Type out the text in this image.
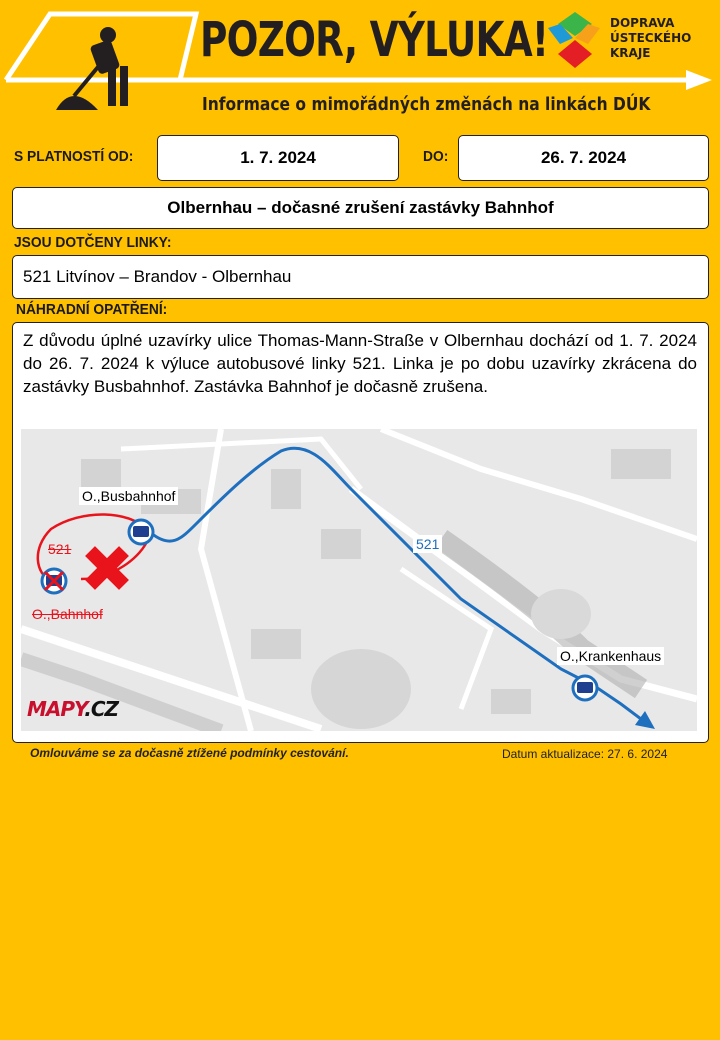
POZOR, VÝLUKA!
Informace o mimořádných změnách na linkách DÚK
DOPRAVA
ÚSTECKÉHO
KRAJE
S PLATNOSTÍ OD:	1. 7. 2024	DO:	26. 7. 2024
Olbernhau – dočasné zrušení zastávky Bahnhof
JSOU DOTČENY LINKY:
521 Litvínov – Brandov - Olbernhau
NÁHRADNÍ OPATŘENÍ:
Z důvodu úplné uzavírky ulice Thomas-Mann-Straße v Olbernhau dochází od 1. 7. 2024 do 26. 7. 2024 k výluce autobusové linky 521. Linka je po dobu uzavírky zkrácena do zastávky Busbahnhof. Zastávka Bahnhof je dočasně zrušena.
O.,Busbahnhof
O.,Bahnhof
O.,Krankenhaus
521
521
MAPY.CZ
Omlouváme se za dočasně ztížené podmínky cestování.	Datum aktualizace: 27. 6. 2024
